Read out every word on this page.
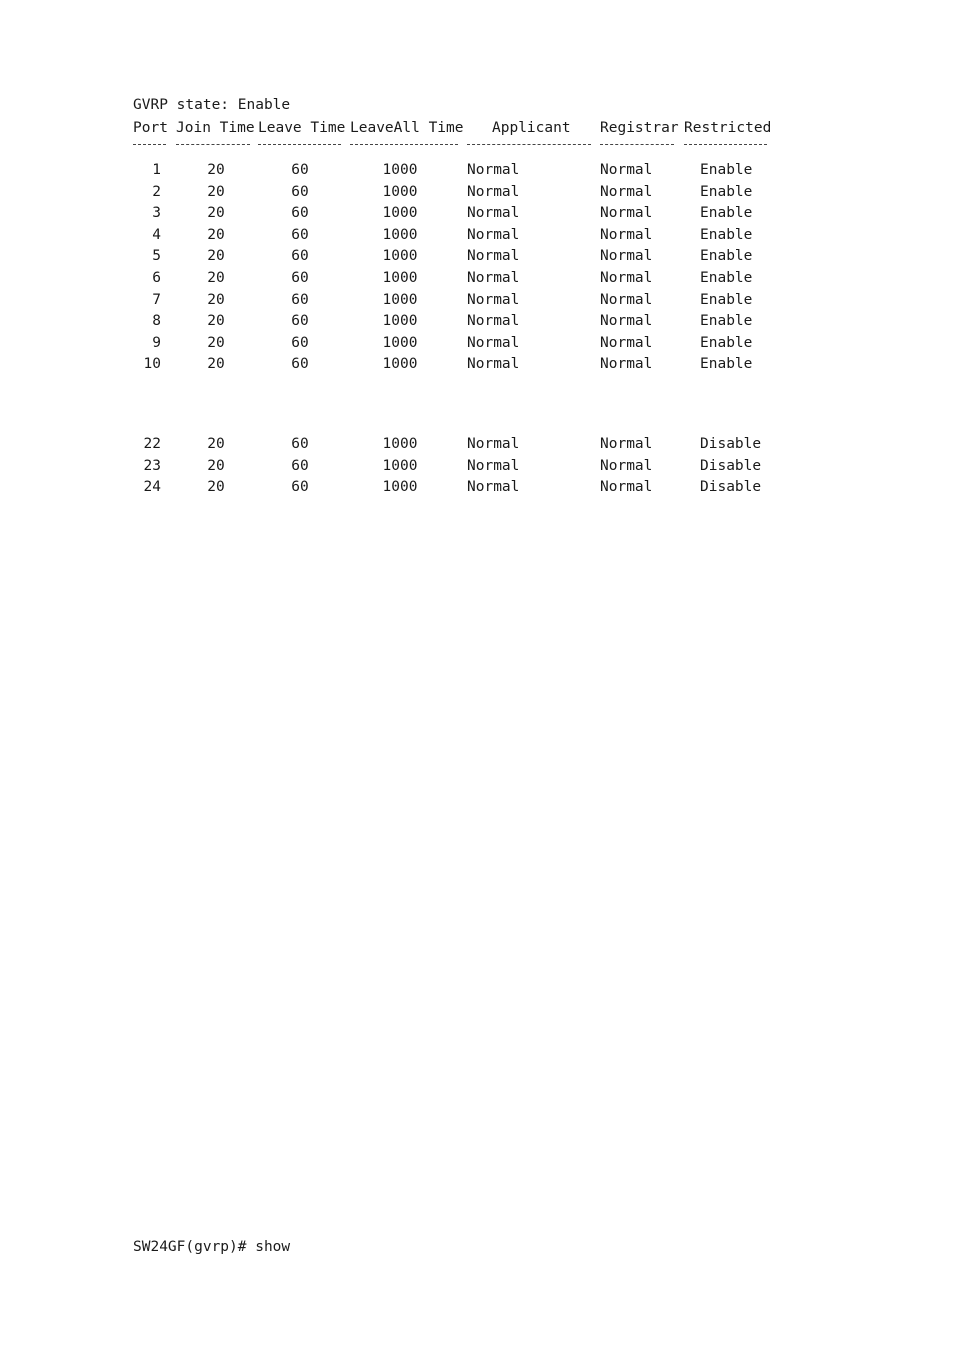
GVRP state: Enable
Port Join Time Leave Time LeaveAll Time Applicant Registrar Restricted
1	20	60	1000	Normal	Normal	Enable
2	20	60	1000	Normal	Normal	Enable
3	20	60	1000	Normal	Normal	Enable
4	20	60	1000	Normal	Normal	Enable
5	20	60	1000	Normal	Normal	Enable
6	20	60	1000	Normal	Normal	Enable
7	20	60	1000	Normal	Normal	Enable
8	20	60	1000	Normal	Normal	Enable
9	20	60	1000	Normal	Normal	Enable
10	20	60	1000	Normal	Normal	Enable
22	20	60	1000	Normal	Normal	Disable
23	20	60	1000	Normal	Normal	Disable
24	20	60	1000	Normal	Normal	Disable
SW24GF(gvrp)# show
